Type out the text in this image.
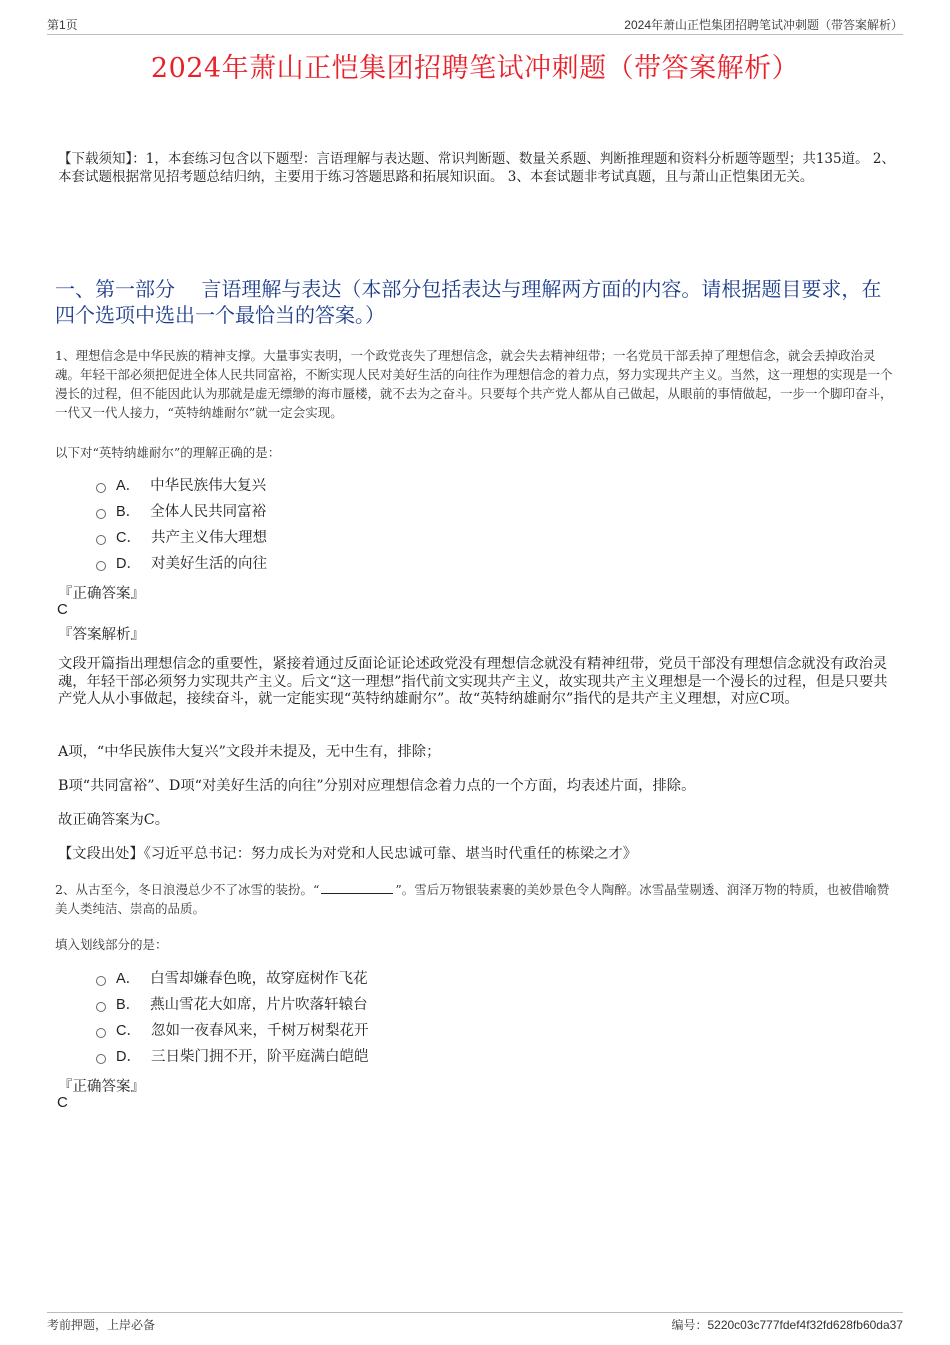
第1页	2024年萧山正恺集团招聘笔试冲刺题（带答案解析）
2024年萧山正恺集团招聘笔试冲刺题（带答案解析）
【下载须知】：1，本套练习包含以下题型：言语理解与表达题、常识判断题、数量关系题、判断推理题和资料分析题等题型；共135道。 2、本套试题根据常见招考题总结归纳，主要用于练习答题思路和拓展知识面。 3、本套试题非考试真题，且与萧山正恺集团无关。
一、第一部分　 言语理解与表达（本部分包括表达与理解两方面的内容。请根据题目要求，在四个选项中选出一个最恰当的答案。）
1、理想信念是中华民族的精神支撑。大量事实表明，一个政党丧失了理想信念，就会失去精神纽带；一名党员干部丢掉了理想信念，就会丢掉政治灵魂。年轻干部必须把促进全体人民共同富裕，不断实现人民对美好生活的向往作为理想信念的着力点，努力实现共产主义。当然，这一理想的实现是一个漫长的过程，但不能因此认为那就是虚无缥缈的海市蜃楼，就不去为之奋斗。只要每个共产党人都从自己做起，从眼前的事情做起，一步一个脚印奋斗，一代又一代人接力，“英特纳雄耐尔”就一定会实现。
以下对“英特纳雄耐尔”的理解正确的是：
A． 中华民族伟大复兴
B． 全体人民共同富裕
C． 共产主义伟大理想
D． 对美好生活的向往
『正确答案』
C
『答案解析』
文段开篇指出理想信念的重要性，紧接着通过反面论证论述政党没有理想信念就没有精神纽带，党员干部没有理想信念就没有政治灵魂，年轻干部必须努力实现共产主义。后文“这一理想”指代前文实现共产主义，故实现共产主义理想是一个漫长的过程，但是只要共产党人从小事做起，接续奋斗，就一定能实现“英特纳雄耐尔”。故“英特纳雄耐尔”指代的是共产主义理想，对应C项。
A项，“中华民族伟大复兴”文段并未提及，无中生有，排除；
B项“共同富裕”、D项“对美好生活的向往”分别对应理想信念着力点的一个方面，均表述片面，排除。
故正确答案为C。
【文段出处】《习近平总书记：努力成长为对党和人民忠诚可靠、堪当时代重任的栋梁之才》
2、从古至今，冬日浪漫总少不了冰雪的装扮。“	”。雪后万物银装素裹的美妙景色令人陶醉。冰雪晶莹剔透、润泽万物的特质，也被借喻赞美人类纯洁、崇高的品质。
填入划线部分的是：
A． 白雪却嫌春色晚，故穿庭树作飞花
B． 燕山雪花大如席，片片吹落轩辕台
C． 忽如一夜春风来，千树万树梨花开
D． 三日柴门拥不开，阶平庭满白皑皑
『正确答案』
C
考前押题，上岸必备	编号：5220c03c777fdef4f32fd628fb60da37
